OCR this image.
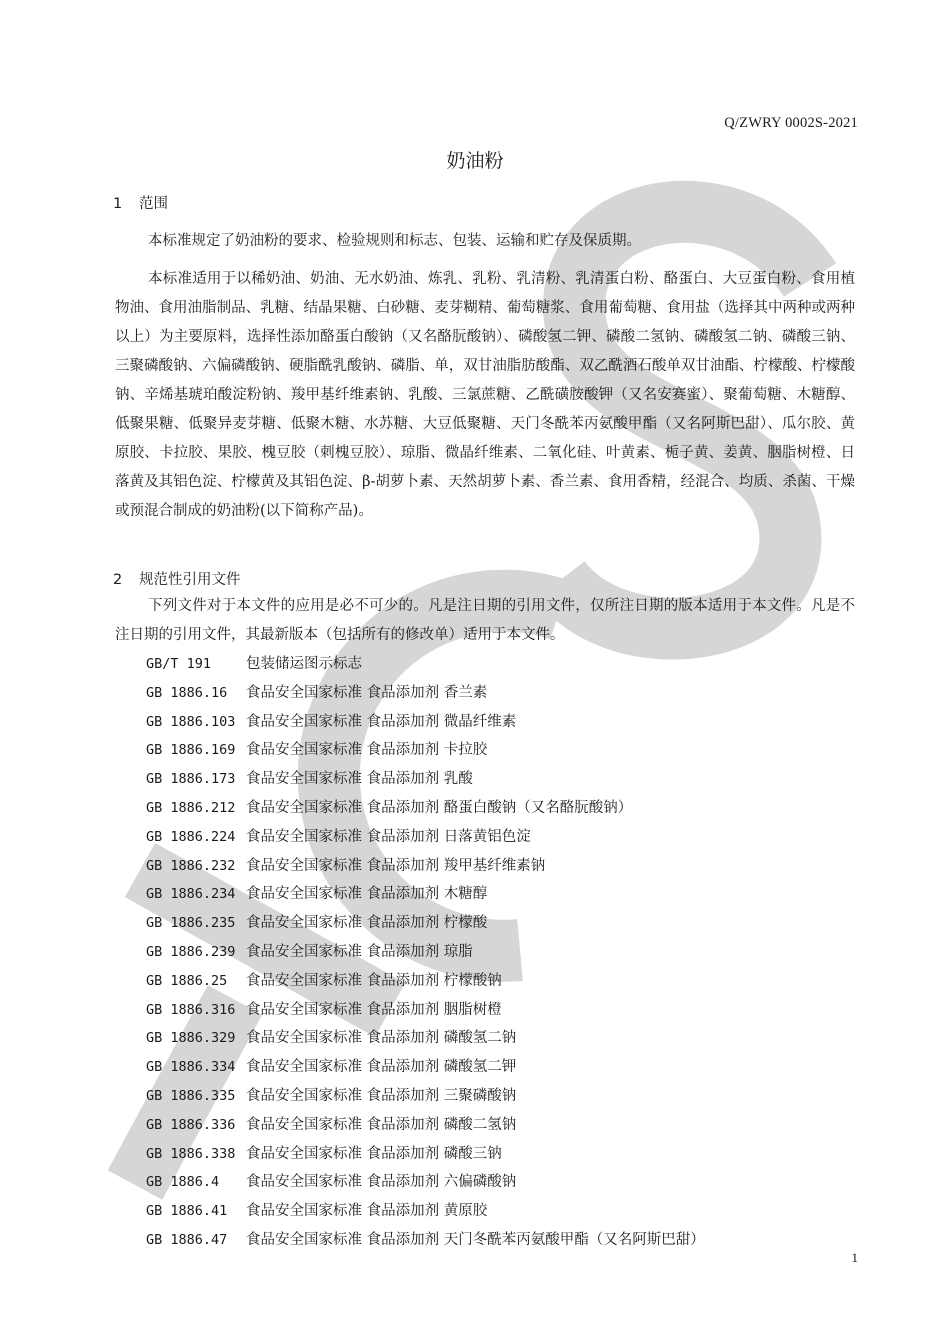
Q/ZWRY 0002S-2021
奶油粉
1 范围

本标准规定了奶油粉的要求、检验规则和标志、包装、运输和贮存及保质期。

本标准适用于以稀奶油、奶油、无水奶油、炼乳、乳粉、乳清粉、乳清蛋白粉、酪蛋白、大豆蛋白粉、食用植物油、食用油脂制品、乳糖、结晶果糖、白砂糖、麦芽糊精、葡萄糖浆、食用葡萄糖、食用盐（选择其中两种或两种以上）为主要原料，选择性添加酪蛋白酸钠（又名酪朊酸钠）、磷酸氢二钾、磷酸二氢钠、磷酸氢二钠、磷酸三钠、三聚磷酸钠、六偏磷酸钠、硬脂酰乳酸钠、磷脂、单，双甘油脂肪酸酯、双乙酰酒石酸单双甘油酯、柠檬酸、柠檬酸钠、辛烯基琥珀酸淀粉钠、羧甲基纤维素钠、乳酸、三氯蔗糖、乙酰磺胺酸钾（又名安赛蜜）、聚葡萄糖、木糖醇、低聚果糖、低聚异麦芽糖、低聚木糖、水苏糖、大豆低聚糖、天门冬酰苯丙氨酸甲酯（又名阿斯巴甜）、瓜尔胶、黄原胶、卡拉胶、果胶、槐豆胶（刺槐豆胶）、琼脂、微晶纤维素、二氧化硅、叶黄素、栀子黄、姜黄、胭脂树橙、日落黄及其铝色淀、柠檬黄及其铝色淀、β-胡萝卜素、天然胡萝卜素、香兰素、食用香精，经混合、均质、杀菌、干燥或预混合制成的奶油粉(以下简称产品)。

2 规范性引用文件

下列文件对于本文件的应用是必不可少的。凡是注日期的引用文件，仅所注日期的版本适用于本文件。凡是不注日期的引用文件，其最新版本（包括所有的修改单）适用于本文件。

GB/T 191 包装储运图示标志
GB 1886.16 食品安全国家标准 食品添加剂 香兰素
GB 1886.103 食品安全国家标准 食品添加剂 微晶纤维素
GB 1886.169 食品安全国家标准 食品添加剂 卡拉胶
GB 1886.173 食品安全国家标准 食品添加剂 乳酸
GB 1886.212 食品安全国家标准 食品添加剂 酪蛋白酸钠（又名酪朊酸钠）
GB 1886.224 食品安全国家标准 食品添加剂 日落黄铝色淀
GB 1886.232 食品安全国家标准 食品添加剂 羧甲基纤维素钠
GB 1886.234 食品安全国家标准 食品添加剂 木糖醇
GB 1886.235 食品安全国家标准 食品添加剂 柠檬酸
GB 1886.239 食品安全国家标准 食品添加剂 琼脂
GB 1886.25 食品安全国家标准 食品添加剂 柠檬酸钠
GB 1886.316 食品安全国家标准 食品添加剂 胭脂树橙
GB 1886.329 食品安全国家标准 食品添加剂 磷酸氢二钠
GB 1886.334 食品安全国家标准 食品添加剂 磷酸氢二钾
GB 1886.335 食品安全国家标准 食品添加剂 三聚磷酸钠
GB 1886.336 食品安全国家标准 食品添加剂 磷酸二氢钠
GB 1886.338 食品安全国家标准 食品添加剂 磷酸三钠
GB 1886.4 食品安全国家标准 食品添加剂 六偏磷酸钠
GB 1886.41 食品安全国家标准 食品添加剂 黄原胶
GB 1886.47 食品安全国家标准 食品添加剂 天门冬酰苯丙氨酸甲酯（又名阿斯巴甜）
1
